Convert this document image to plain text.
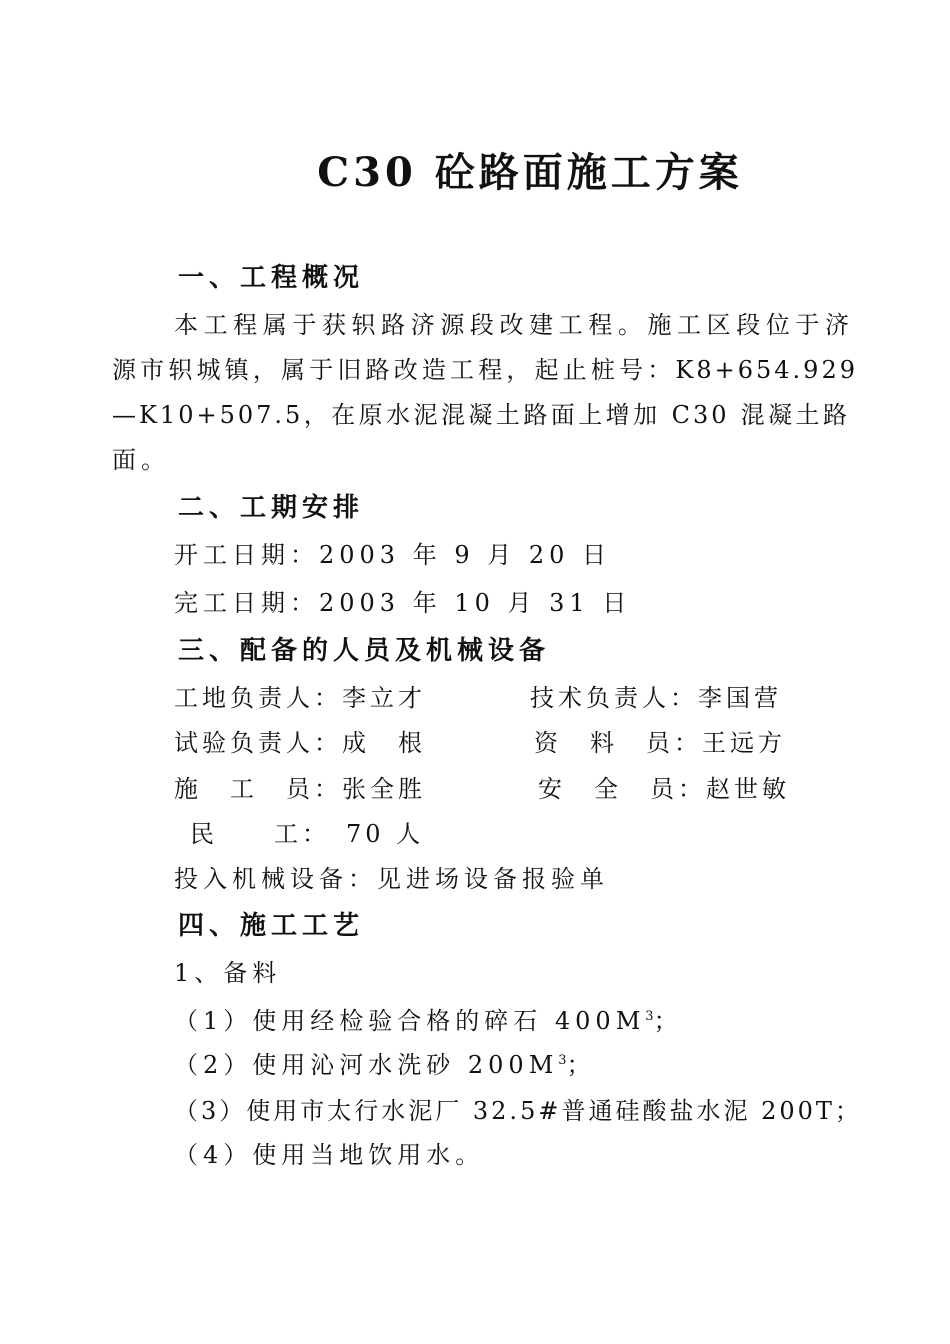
C30 砼路面施工方案
一、工程概况
本工程属于获轵路济源段改建工程。施工区段位于济
源市轵城镇，属于旧路改造工程，起止桩号：K8+654.929
—K10+507.5，在原水泥混凝土路面上增加 C30 混凝土路
面。
二、工期安排
开工日期：2003 年 9 月 20 日
完工日期：2003 年 10 月 31 日
三、配备的人员及机械设备
工地负责人：李立才	技术负责人：李国营
试验负责人：成　根	资　料　员：王远方
施　工　员：张全胜	安　全　员：赵世敏
民　　工：　70 人
投入机械设备：见进场设备报验单
四、施工工艺
1、备料
（1）使用经检验合格的碎石 $400M^3$；
（2）使用沁河水洗砂 $200M^3$；
（3）使用市太行水泥厂 32.5#普通硅酸盐水泥 200T；
（4）使用当地饮用水。
